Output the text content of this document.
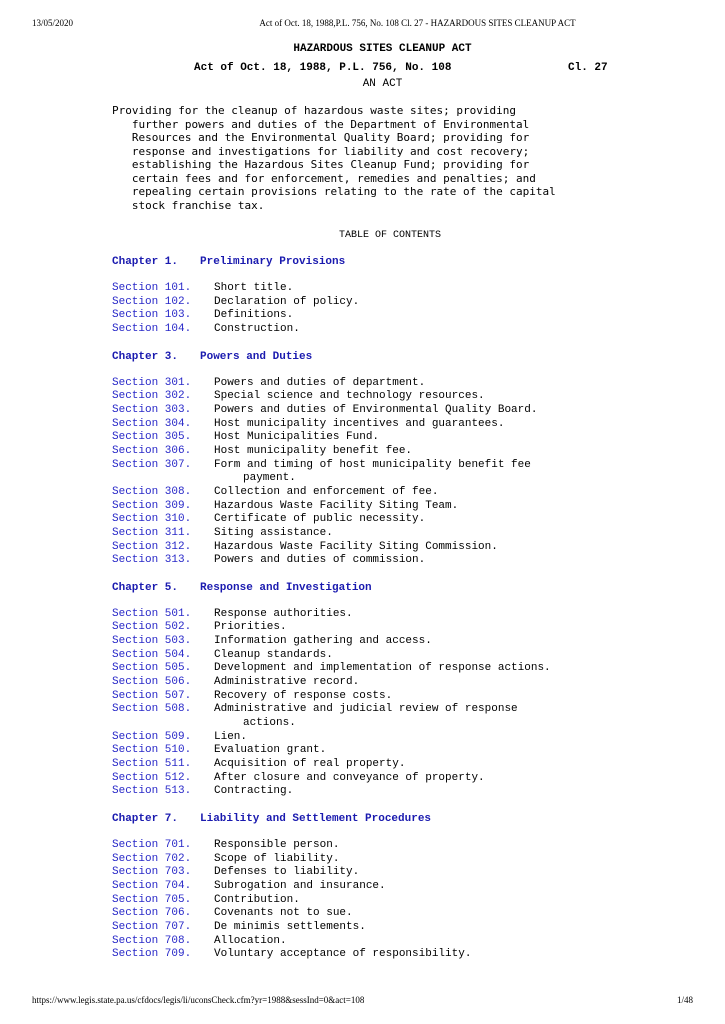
13/05/2020	Act of Oct. 18, 1988,P.L. 756, No. 108 Cl. 27 - HAZARDOUS SITES CLEANUP ACT
HAZARDOUS SITES CLEANUP ACT
Act of Oct. 18, 1988, P.L. 756, No. 108	Cl. 27
AN ACT
Providing for the cleanup of hazardous waste sites; providing
further powers and duties of the Department of Environmental
Resources and the Environmental Quality Board; providing for
response and investigations for liability and cost recovery;
establishing the Hazardous Sites Cleanup Fund; providing for
certain fees and for enforcement, remedies and penalties; and
repealing certain provisions relating to the rate of the capital
stock franchise tax.
TABLE OF CONTENTS
Chapter 1. Preliminary Provisions
Section 101.	Short title.
Section 102.	Declaration of policy.
Section 103.	Definitions.
Section 104.	Construction.
Chapter 3. Powers and Duties
Section 301.	Powers and duties of department.
Section 302.	Special science and technology resources.
Section 303.	Powers and duties of Environmental Quality Board.
Section 304.	Host municipality incentives and guarantees.
Section 305.	Host Municipalities Fund.
Section 306.	Host municipality benefit fee.
Section 307.	Form and timing of host municipality benefit fee
payment.
Section 308.	Collection and enforcement of fee.
Section 309.	Hazardous Waste Facility Siting Team.
Section 310.	Certificate of public necessity.
Section 311.	Siting assistance.
Section 312.	Hazardous Waste Facility Siting Commission.
Section 313.	Powers and duties of commission.
Chapter 5. Response and Investigation
Section 501.	Response authorities.
Section 502.	Priorities.
Section 503.	Information gathering and access.
Section 504.	Cleanup standards.
Section 505.	Development and implementation of response actions.
Section 506.	Administrative record.
Section 507.	Recovery of response costs.
Section 508.	Administrative and judicial review of response
actions.
Section 509.	Lien.
Section 510.	Evaluation grant.
Section 511.	Acquisition of real property.
Section 512.	After closure and conveyance of property.
Section 513.	Contracting.
Chapter 7. Liability and Settlement Procedures
Section 701.	Responsible person.
Section 702.	Scope of liability.
Section 703.	Defenses to liability.
Section 704.	Subrogation and insurance.
Section 705.	Contribution.
Section 706.	Covenants not to sue.
Section 707.	De minimis settlements.
Section 708.	Allocation.
Section 709.	Voluntary acceptance of responsibility.
https://www.legis.state.pa.us/cfdocs/legis/li/uconsCheck.cfm?yr=1988&sessInd=0&act=108	1/48
